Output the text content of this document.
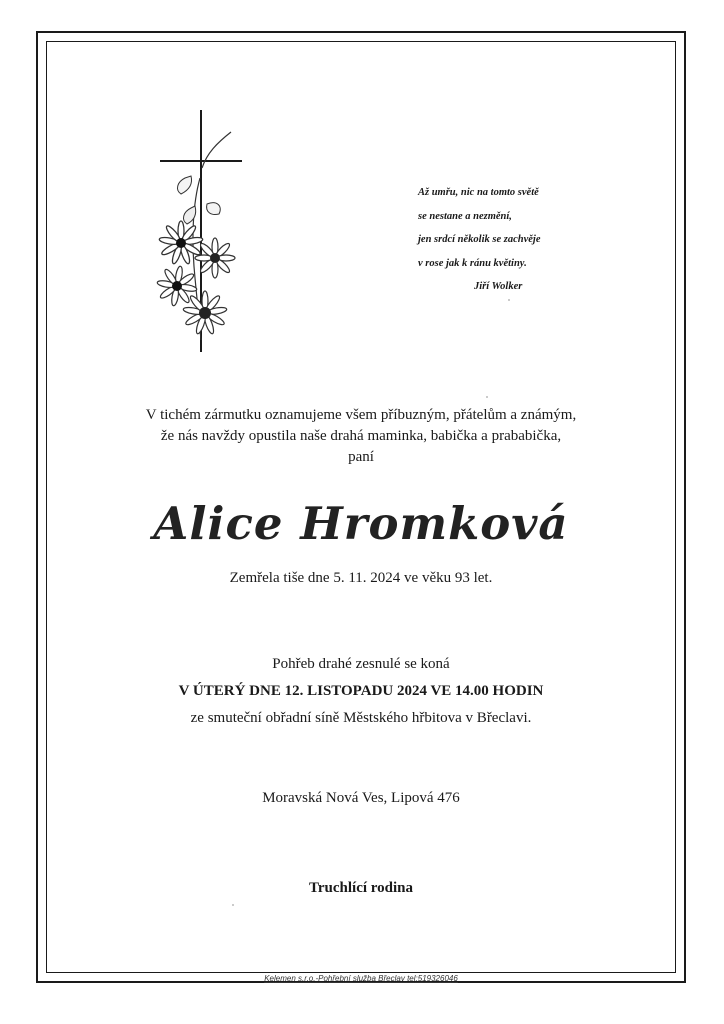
Až umřu, nic na tomto světě
se nestane a nezmění,
jen srdcí několik se zachvěje
v rose jak k ránu květiny.
Jiří Wolker
V tichém zármutku oznamujeme všem příbuzným, přátelům a známým,
že nás navždy opustila naše drahá maminka, babička a prababička,
paní
Alice Hromková
Zemřela tiše dne 5. 11. 2024 ve věku 93 let.
Pohřeb drahé zesnulé se koná
V ÚTERÝ DNE 12. LISTOPADU 2024 VE 14.00 HODIN
ze smuteční obřadní síně Městského hřbitova v Břeclavi.
Moravská Nová Ves, Lipová 476
Truchlící rodina
Kelemen s.r.o.-Pohřební služba Břeclav tel:519326046
